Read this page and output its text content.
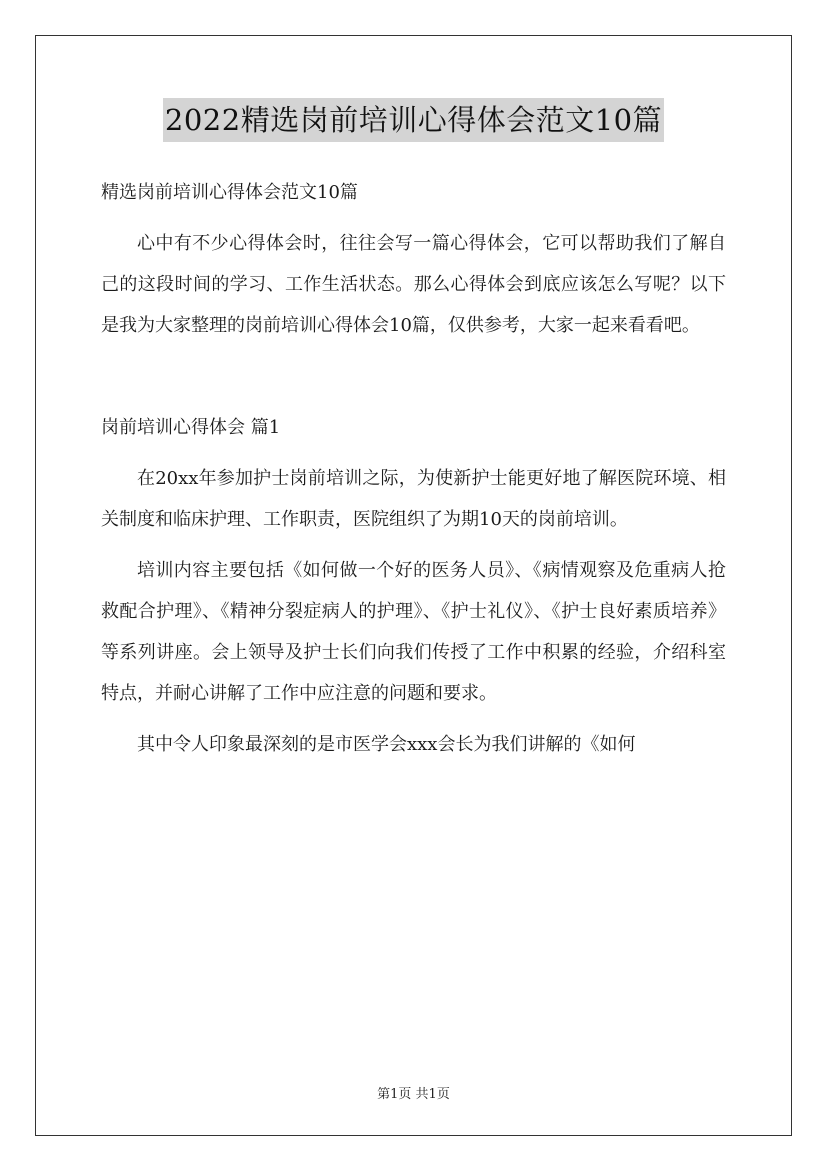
2022精选岗前培训心得体会范文10篇

精选岗前培训心得体会范文10篇

心中有不少心得体会时，往往会写一篇心得体会，它可以帮助我们了解自己的这段时间的学习、工作生活状态。那么心得体会到底应该怎么写呢？以下是我为大家整理的岗前培训心得体会10篇，仅供参考，大家一起来看看吧。

岗前培训心得体会 篇1

在20xx年参加护士岗前培训之际，为使新护士能更好地了解医院环境、相关制度和临床护理、工作职责，医院组织了为期10天的岗前培训。

培训内容主要包括《如何做一个好的医务人员》、《病情观察及危重病人抢救配合护理》、《精神分裂症病人的护理》、《护士礼仪》、《护士良好素质培养》等系列讲座。会上领导及护士长们向我们传授了工作中积累的经验，介绍科室特点，并耐心讲解了工作中应注意的问题和要求。

其中令人印象最深刻的是市医学会xxx会长为我们讲解的《如何

第1页 共1页
